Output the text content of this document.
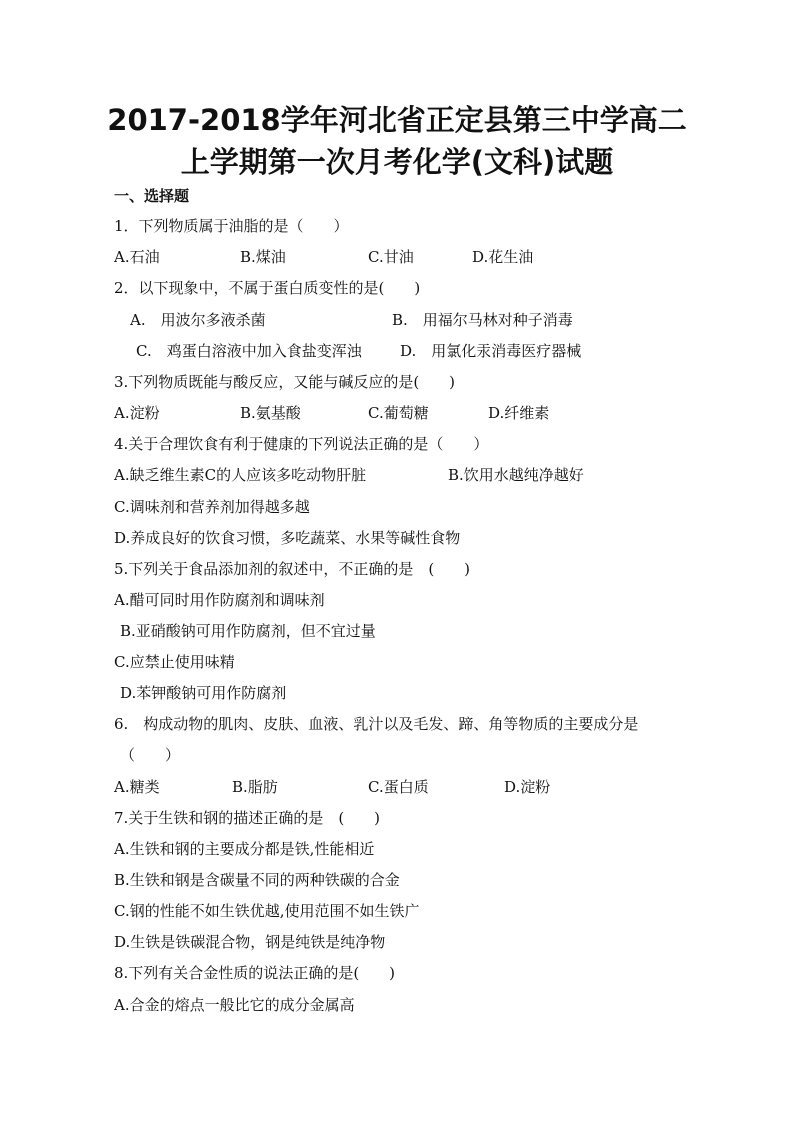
2017-2018学年河北省正定县第三中学高二
上学期第一次月考化学(文科)试题
一、选择题
1．下列物质属于油脂的是（　　）
A.石油	B.煤油	C.甘油	D.花生油
2．以下现象中，不属于蛋白质变性的是(　　)
A.　用波尔多液杀菌	B.　用福尔马林对种子消毒
C.　鸡蛋白溶液中加入食盐变浑浊	D.　用氯化汞消毒医疗器械
3.下列物质既能与酸反应，又能与碱反应的是(　　)
A.淀粉	B.氨基酸	C.葡萄糖	D.纤维素
4.关于合理饮食有利于健康的下列说法正确的是（　　）
A.缺乏维生素C的人应该多吃动物肝脏	B.饮用水越纯净越好
C.调味剂和营养剂加得越多越
D.养成良好的饮食习惯，多吃蔬菜、水果等碱性食物
5.下列关于食品添加剂的叙述中，不正确的是　(　　)
A.醋可同时用作防腐剂和调味剂
B.亚硝酸钠可用作防腐剂，但不宜过量
C.应禁止使用味精
D.苯钾酸钠可用作防腐剂
6.　构成动物的肌肉、皮肤、血液、乳汁以及毛发、蹄、角等物质的主要成分是
（　　）
A.糖类	B.脂肪	C.蛋白质	D.淀粉
7.关于生铁和钢的描述正确的是　(　　)
A.生铁和钢的主要成分都是铁,性能相近
B.生铁和钢是含碳量不同的两种铁碳的合金
C.钢的性能不如生铁优越,使用范围不如生铁广
D.生铁是铁碳混合物，钢是纯铁是纯净物
8.下列有关合金性质的说法正确的是(　　)
A.合金的熔点一般比它的成分金属高
